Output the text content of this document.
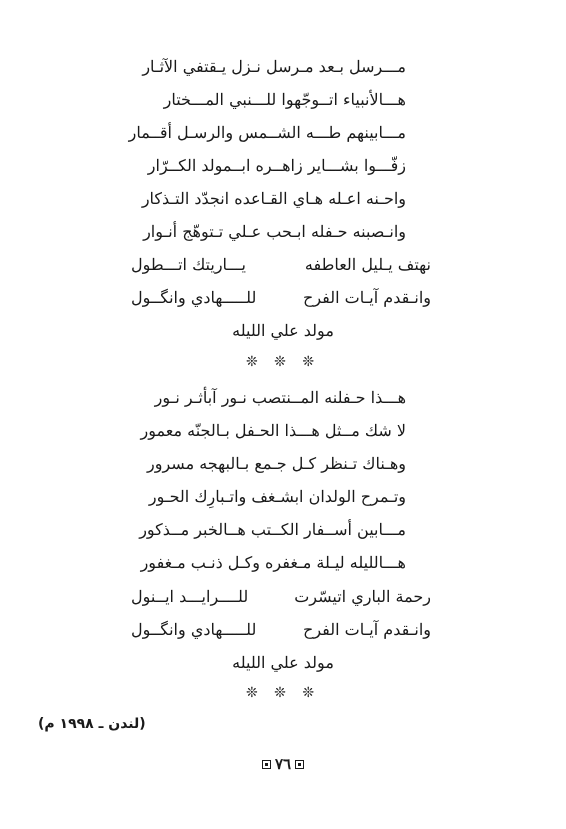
مـــرسل بـعد مـرسل نـزل يـقتفي الآثـار
هـــالأنبياء اتــوجّهوا للـــنبي المـــختار
مـــابينهم طـــه الشــمس والرسـل أقــمار
زفّـــوا بشـــاير زاهــره ابــمولد الكــرّار
واحـنه اعـله هـاي القـاعده انجدّد التـذكار
وانـصبنه حـفله ابـحب عـلي تـتوهّج أنـوار
نهتف يـليل العاطفه
يـــاريتك اتـــطول
وانـقدم آيـات الفرح
للـــــهادي وانگــول
مولد علي الليله
❊ ❊ ❊
هـــذا حـفلنه المــنتصب نـور آبأثـر نـور
لا شك مــثل هـــذا الحـفل بـالجنّه معمور
وهـناك تـنظر كـل جـمع بـالبهجه مسرور
وتـمرح الولدان ابشـغف واتـبارِك الحـور
مـــابين أســفار الكــتب هــالخبر مــذكور
هـــالليله ليـلة مـغفره وكـل ذنـب مـغفور
رحمة الباري اتيسّرت
للــــرايـــد ايــنول
وانـقدم آيـات الفرح
للـــــهادي وانگــول
مولد علي الليله
❊ ❊ ❊
(لندن ـ ١٩٩٨ م)
٧٦
